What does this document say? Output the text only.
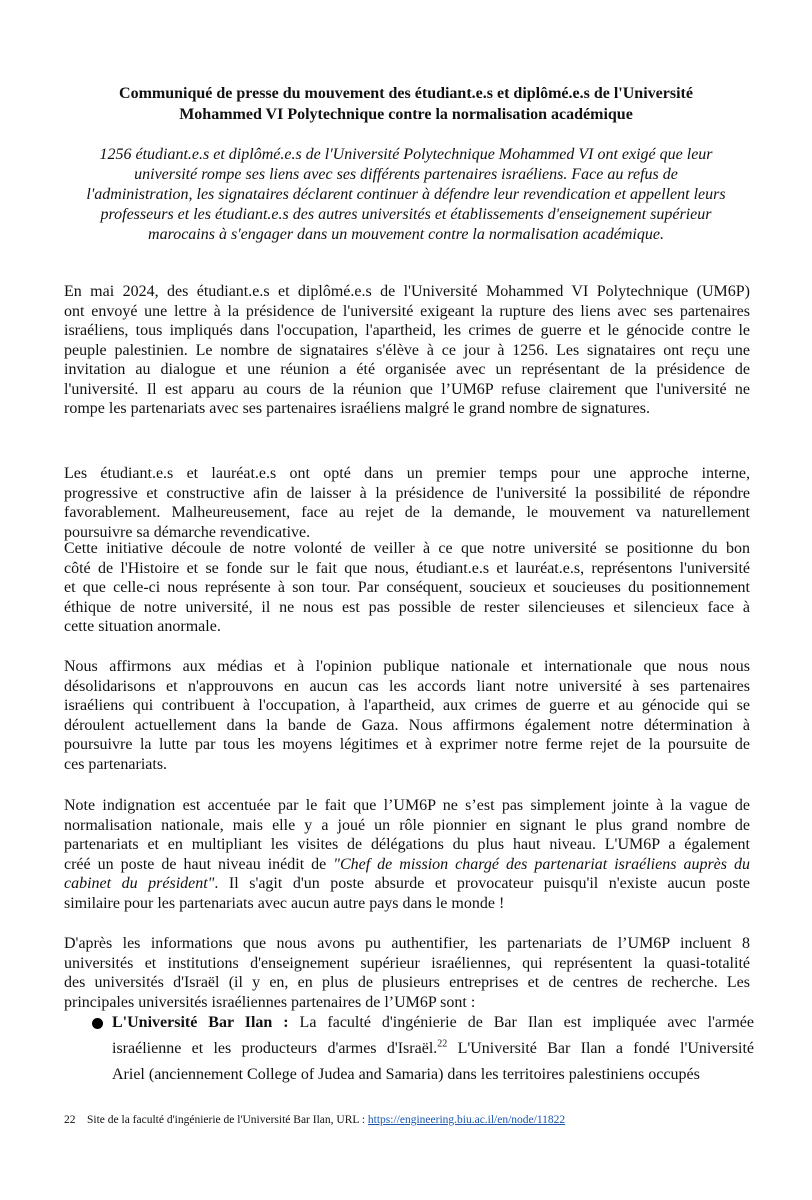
Communiqué de presse du mouvement des étudiant.e.s et diplômé.e.s de l'Université
Mohammed VI Polytechnique contre la normalisation académique
1256 étudiant.e.s et diplômé.e.s de l'Université Polytechnique Mohammed VI ont exigé que leur
université rompe ses liens avec ses différents partenaires israéliens. Face au refus de
l'administration, les signataires déclarent continuer à défendre leur revendication et appellent leurs
professeurs et les étudiant.e.s des autres universités et établissements d'enseignement supérieur
marocains à s'engager dans un mouvement contre la normalisation académique.
En mai 2024, des étudiant.e.s et diplômé.e.s de l'Université Mohammed VI Polytechnique (UM6P)
ont envoyé une lettre à la présidence de l'université exigeant la rupture des liens avec ses partenaires
israéliens, tous impliqués dans l'occupation, l'apartheid, les crimes de guerre et le génocide contre le
peuple palestinien. Le nombre de signataires s'élève à ce jour à 1256. Les signataires ont reçu une
invitation au dialogue et une réunion a été organisée avec un représentant de la présidence de
l'université. Il est apparu au cours de la réunion que l’UM6P refuse clairement que l'université ne
rompe les partenariats avec ses partenaires israéliens malgré le grand nombre de signatures.
Les étudiant.e.s et lauréat.e.s ont opté dans un premier temps pour une approche interne,
progressive et constructive afin de laisser à la présidence de l'université la possibilité de répondre
favorablement. Malheureusement, face au rejet de la demande, le mouvement va naturellement
poursuivre sa démarche revendicative.
Cette initiative découle de notre volonté de veiller à ce que notre université se positionne du bon
côté de l'Histoire et se fonde sur le fait que nous, étudiant.e.s et lauréat.e.s, représentons l'université
et que celle-ci nous représente à son tour. Par conséquent, soucieux et soucieuses du positionnement
éthique de notre université, il ne nous est pas possible de rester silencieuses et silencieux face à
cette situation anormale.
Nous affirmons aux médias et à l'opinion publique nationale et internationale que nous nous
désolidarisons et n'approuvons en aucun cas les accords liant notre université à ses partenaires
israéliens qui contribuent à l'occupation, à l'apartheid, aux crimes de guerre et au génocide qui se
déroulent actuellement dans la bande de Gaza. Nous affirmons également notre détermination à
poursuivre la lutte par tous les moyens légitimes et à exprimer notre ferme rejet de la poursuite de
ces partenariats.
Note indignation est accentuée par le fait que l’UM6P ne s’est pas simplement jointe à la vague de
normalisation nationale, mais elle y a joué un rôle pionnier en signant le plus grand nombre de
partenariats et en multipliant les visites de délégations du plus haut niveau. L'UM6P a également
créé un poste de haut niveau inédit de "Chef de mission chargé des partenariat israéliens auprès du
cabinet du président". Il s'agit d'un poste absurde et provocateur puisqu'il n'existe aucun poste
similaire pour les partenariats avec aucun autre pays dans le monde !
D'après les informations que nous avons pu authentifier, les partenariats de l’UM6P incluent 8
universités et institutions d'enseignement supérieur israéliennes, qui représentent la quasi-totalité
des universités d'Israël (il y en, en plus de plusieurs entreprises et de centres de recherche. Les
principales universités israéliennes partenaires de l’UM6P sont :
L'Université Bar Ilan : La faculté d'ingénierie de Bar Ilan est impliquée avec l'armée
israélienne et les producteurs d'armes d'Israël.$^{22}$ L'Université Bar Ilan a fondé l'Université
Ariel (anciennement College of Judea and Samaria) dans les territoires palestiniens occupés
22 Site de la faculté d'ingénierie de l'Université Bar Ilan, URL : https://engineering.biu.ac.il/en/node/11822
